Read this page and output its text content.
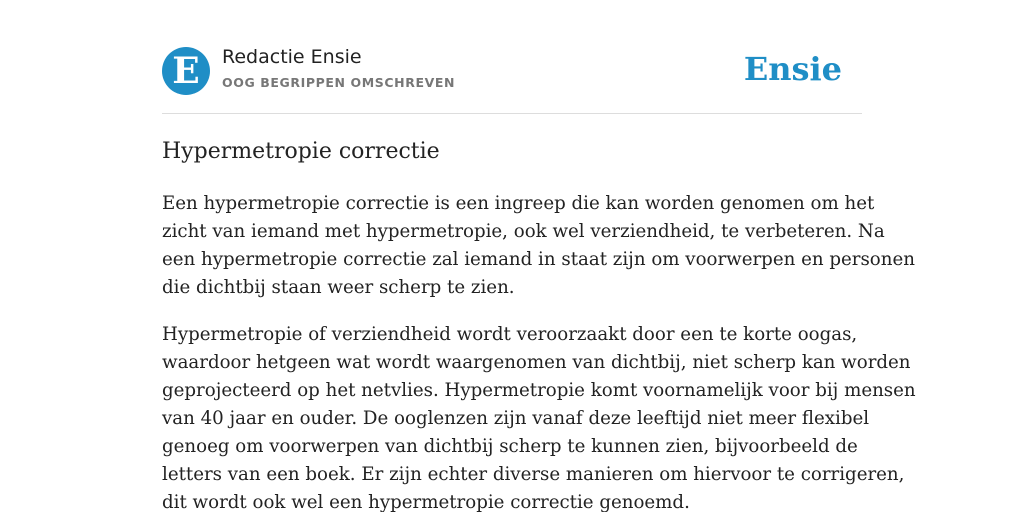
E	Redactie Ensie
OOG BEGRIPPEN OMSCHREVEN	Ensie
Hypermetropie correctie

Een hypermetropie correctie is een ingreep die kan worden genomen om het
zicht van iemand met hypermetropie, ook wel verziendheid, te verbeteren. Na
een hypermetropie correctie zal iemand in staat zijn om voorwerpen en personen
die dichtbij staan weer scherp te zien.

Hypermetropie of verziendheid wordt veroorzaakt door een te korte oogas,
waardoor hetgeen wat wordt waargenomen van dichtbij, niet scherp kan worden
geprojecteerd op het netvlies. Hypermetropie komt voornamelijk voor bij mensen
van 40 jaar en ouder. De ooglenzen zijn vanaf deze leeftijd niet meer flexibel
genoeg om voorwerpen van dichtbij scherp te kunnen zien, bijvoorbeeld de
letters van een boek. Er zijn echter diverse manieren om hiervoor te corrigeren,
dit wordt ook wel een hypermetropie correctie genoemd.
